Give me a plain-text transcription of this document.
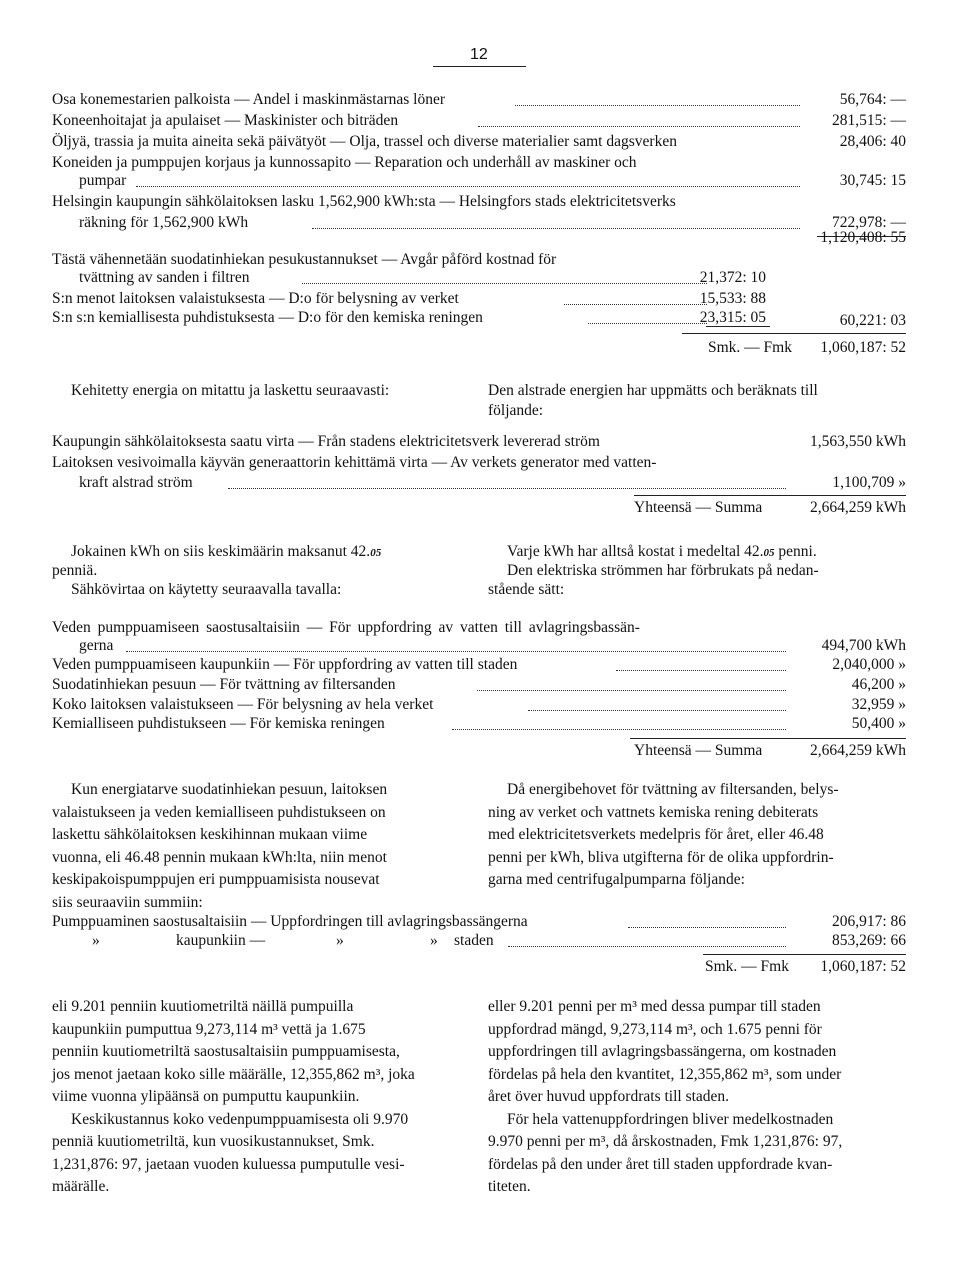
12
Osa konemestarien palkoista — Andel i maskinmästarnas löner	56,764: —
Koneenhoitajat ja apulaiset — Maskinister och biträden	281,515: —
Öljyä, trassia ja muita aineita sekä päivätyöt — Olja, trassel och diverse materialier samt dagsverken	28,406: 40
Koneiden ja pumppujen korjaus ja kunnossapito — Reparation och underhåll av maskiner och
pumpar	30,745: 15
Helsingin kaupungin sähkölaitoksen lasku 1,562,900 kWh:sta — Helsingfors stads elektricitetsverks
räkning för 1,562,900 kWh	722,978: —
1,120,408: 55
Tästä vähennetään suodatinhiekan pesukustannukset — Avgår påförd kostnad för
tvättning av sanden i filtren	21,372: 10
S:n menot laitoksen valaistuksesta — D:o för belysning av verket	15,533: 88
S:n s:n kemiallisesta puhdistuksesta — D:o för den kemiska reningen	23,315: 05	60,221: 03
Smk. — Fmk 1,060,187: 52
Kehitetty energia on mitattu ja laskettu seuraavasti:	Den alstrade energien har uppmätts och beräknats till
följande:
Kaupungin sähkölaitoksesta saatu virta — Från stadens elektricitetsverk levererad ström	1,563,550 kWh
Laitoksen vesivoimalla käyvän generaattorin kehittämä virta — Av verkets generator med vatten-
kraft alstrad ström	1,100,709 »
Yhteensä — Summa	2,664,259 kWh
Jokainen kWh on siis keskimäärin maksanut 42.05
penniä.
Sähkövirtaa on käytetty seuraavalla tavalla:
Varje kWh har alltså kostat i medeltal 42.05 penni.
Den elektriska strömmen har förbrukats på nedan-
stående sätt:
Veden pumppuamiseen saostusaltaisiin — För uppfordring av vatten till avlagringsbassän-
gerna	494,700 kWh
Veden pumppuamiseen kaupunkiin — För uppfordring av vatten till staden	2,040,000 »
Suodatinhiekan pesuun — För tvättning av filtersanden	46,200 »
Koko laitoksen valaistukseen — För belysning av hela verket	32,959 »
Kemialliseen puhdistukseen — För kemiska reningen	50,400 »
Yhteensä — Summa	2,664,259 kWh

Kun energiatarve suodatinhiekan pesuun, laitoksen

valaistukseen ja veden kemialliseen puhdistukseen on

laskettu sähkölaitoksen keskihinnan mukaan viime

vuonna, eli 46.48 pennin mukaan kWh:lta, niin menot

keskipakoispumppujen eri pumppuamisista nousevat

siis seuraaviin summiin:

Då energibehovet för tvättning av filtersanden, belys-

ning av verket och vattnets kemiska rening debiterats

med elektricitetsverkets medelpris för året, eller 46.48

penni per kWh, bliva utgifterna för de olika uppfordrin-

garna med centrifugalpumparna följande:

Pumppuaminen saostusaltaisiin — Uppfordringen till avlagringsbassängerna	206,917: 86
»	kaupunkiin —	»	» staden	853,269: 66
Smk. — Fmk 1,060,187: 52

eli 9.201 penniin kuutiometriltä näillä pumpuilla

kaupunkiin pumputtua 9,273,114 m³ vettä ja 1.675

penniin kuutiometriltä saostusaltaisiin pumppuamisesta,

jos menot jaetaan koko sille määrälle, 12,355,862 m³, joka

viime vuonna ylipäänsä on pumputtu kaupunkiin.

Keskikustannus koko vedenpumppuamisesta oli 9.970

penniä kuutiometriltä, kun vuosikustannukset, Smk.

1,231,876: 97, jaetaan vuoden kuluessa pumputulle vesi-

määrälle.

eller 9.201 penni per m³ med dessa pumpar till staden

uppfordrad mängd, 9,273,114 m³, och 1.675 penni för

uppfordringen till avlagringsbassängerna, om kostnaden

fördelas på hela den kvantitet, 12,355,862 m³, som under

året över huvud uppfordrats till staden.

För hela vattenuppfordringen bliver medelkostnaden

9.970 penni per m³, då årskostnaden, Fmk 1,231,876: 97,

fördelas på den under året till staden uppfordrade kvan-

titeten.
